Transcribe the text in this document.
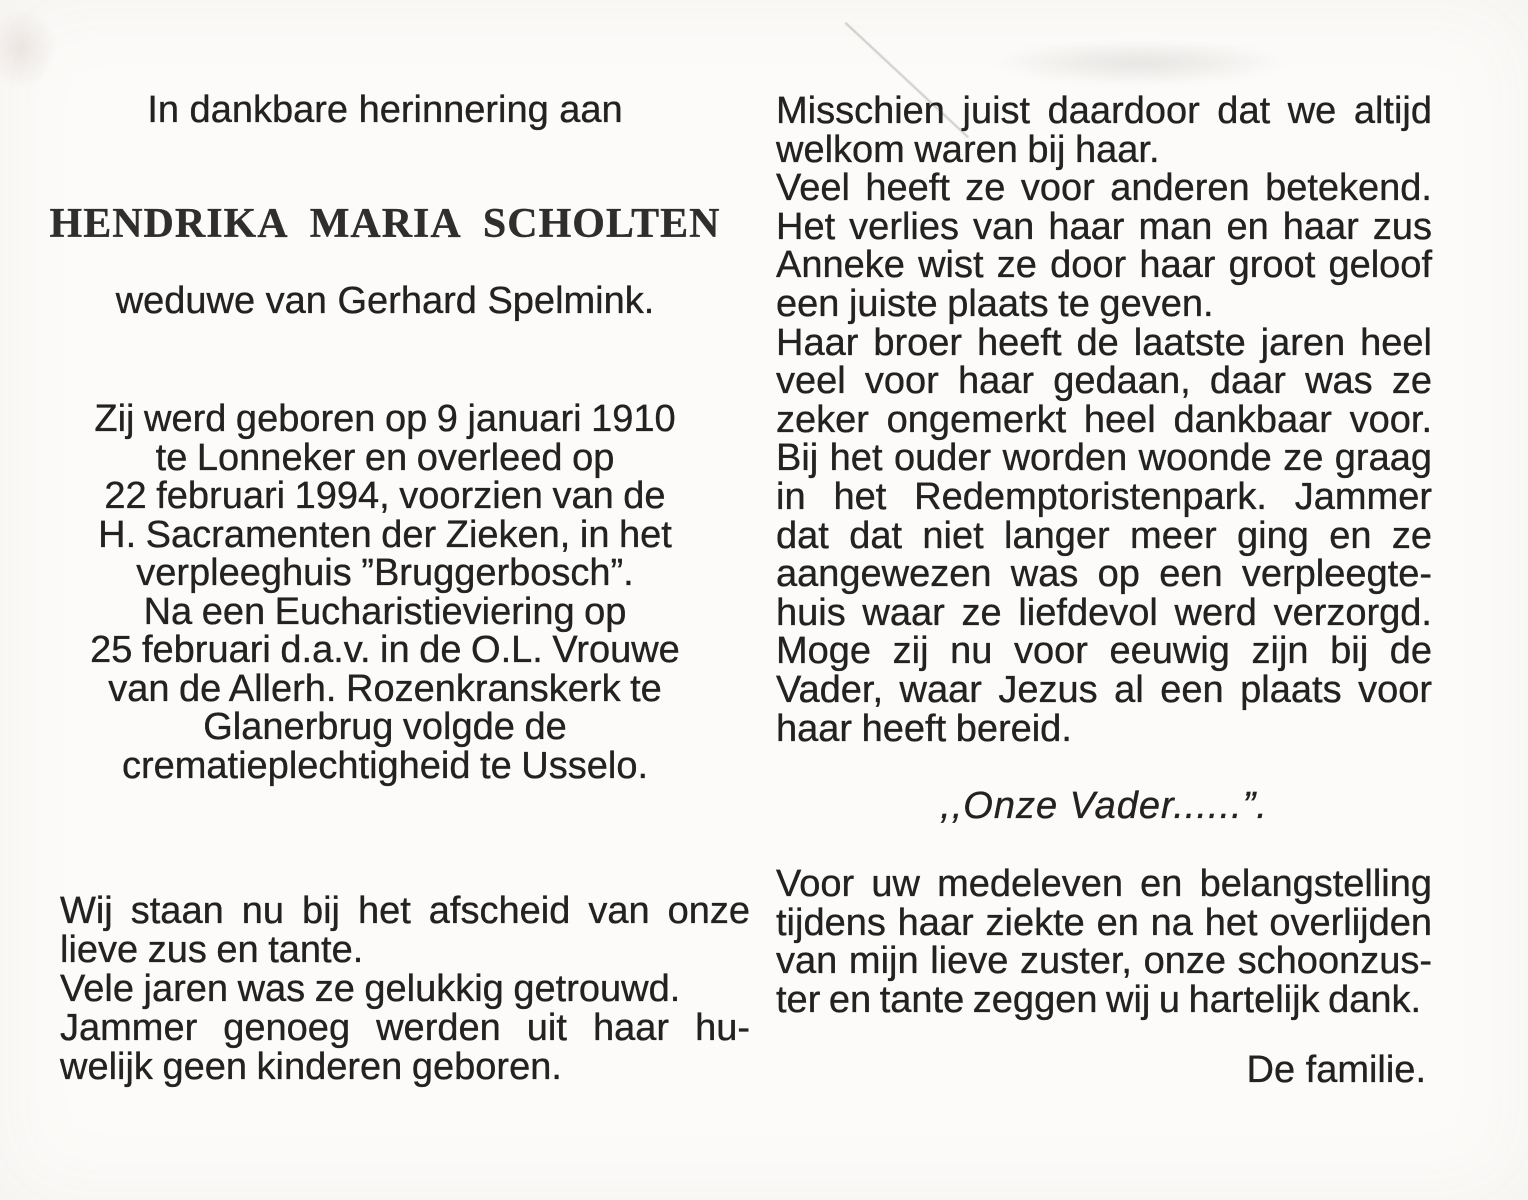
In dankbare herinnering aan
HENDRIKA MARIA SCHOLTEN
weduwe van Gerhard Spelmink.
Zij werd geboren op 9 januari 1910
te Lonneker en overleed op
22 februari 1994, voorzien van de
H. Sacramenten der Zieken, in het
verpleeghuis ”Bruggerbosch”.
Na een Eucharistieviering op
25 februari d.a.v. in de O.L. Vrouwe
van de Allerh. Rozenkranskerk te
Glanerbrug volgde de
crematieplechtigheid te Usselo.
Wij staan nu bij het afscheid van onze
lieve zus en tante.
Vele jaren was ze gelukkig getrouwd.
Jammer genoeg werden uit haar hu-
welijk geen kinderen geboren.
Misschien juist daardoor dat we altijd
welkom waren bij haar.
Veel heeft ze voor anderen betekend.
Het verlies van haar man en haar zus
Anneke wist ze door haar groot geloof
een juiste plaats te geven.
Haar broer heeft de laatste jaren heel
veel voor haar gedaan, daar was ze
zeker ongemerkt heel dankbaar voor.
Bij het ouder worden woonde ze graag
in het Redemptoristenpark. Jammer
dat dat niet langer meer ging en ze
aangewezen was op een verpleegte-
huis waar ze liefdevol werd verzorgd.
Moge zij nu voor eeuwig zijn bij de
Vader, waar Jezus al een plaats voor
haar heeft bereid.
,,Onze Vader......”.
Voor uw medeleven en belangstelling
tijdens haar ziekte en na het overlijden
van mijn lieve zuster, onze schoonzus-
ter en tante zeggen wij u hartelijk dank.
De familie.
